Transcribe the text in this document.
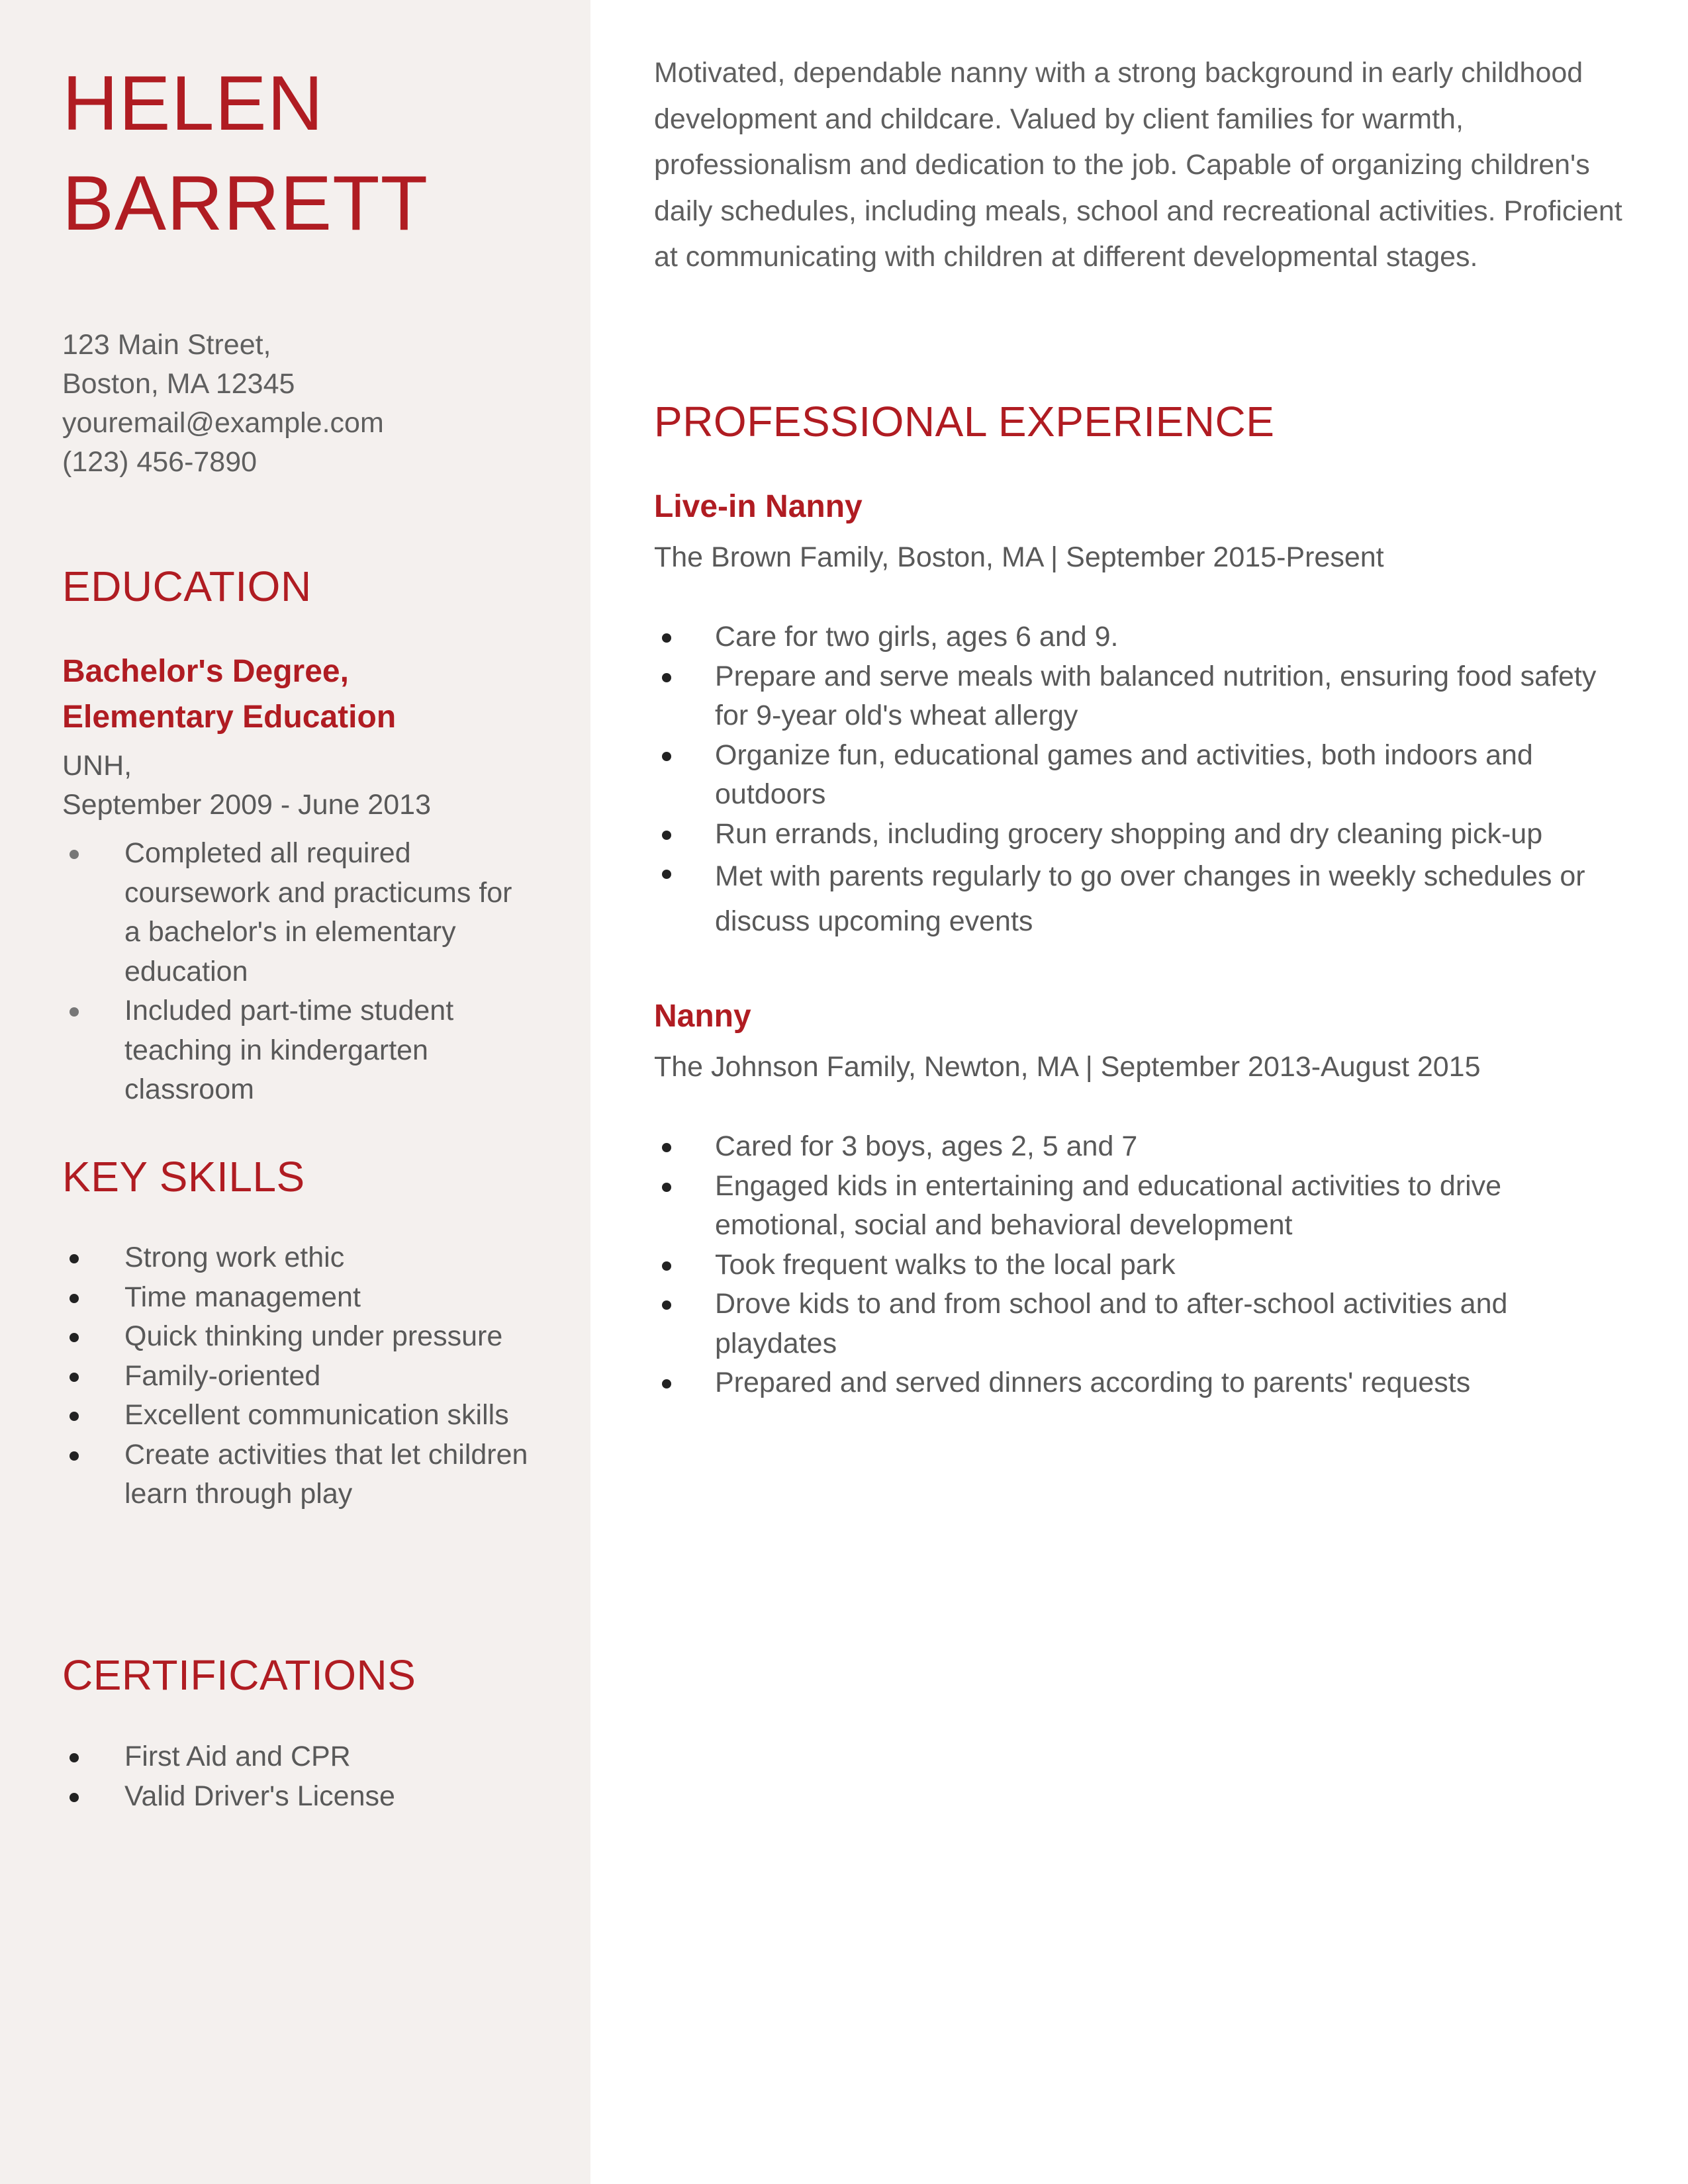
HELEN
BARRETT
123 Main Street,
Boston, MA 12345
youremail@example.com
(123) 456-7890
EDUCATION
Bachelor's Degree,
Elementary Education
UNH,
September 2009 - June 2013
Completed all required coursework and practicums for a bachelor's in elementary education
Included part-time student teaching in kindergarten classroom
KEY SKILLS
Strong work ethic
Time management
Quick thinking under pressure
Family-oriented
Excellent communication skills
Create activities that let children learn through play
CERTIFICATIONS
First Aid and CPR
Valid Driver's License

Motivated, dependable nanny with a strong background in early childhood development and childcare. Valued by client families for warmth, professionalism and dedication to the job. Capable of organizing children's daily schedules, including meals, school and recreational activities. Proficient at communicating with children at different developmental stages.

PROFESSIONAL EXPERIENCE
Live-in Nanny
The Brown Family, Boston, MA | September 2015-Present
Care for two girls, ages 6 and 9.
Prepare and serve meals with balanced nutrition, ensuring food safety for 9-year old's wheat allergy
Organize fun, educational games and activities, both indoors and outdoors
Run errands, including grocery shopping and dry cleaning pick-up
Met with parents regularly to go over changes in weekly schedules or discuss upcoming events
Nanny
The Johnson Family, Newton, MA | September 2013-August 2015
Cared for 3 boys, ages 2, 5 and 7
Engaged kids in entertaining and educational activities to drive emotional, social and behavioral development
Took frequent walks to the local park
Drove kids to and from school and to after-school activities and playdates
Prepared and served dinners according to parents' requests
